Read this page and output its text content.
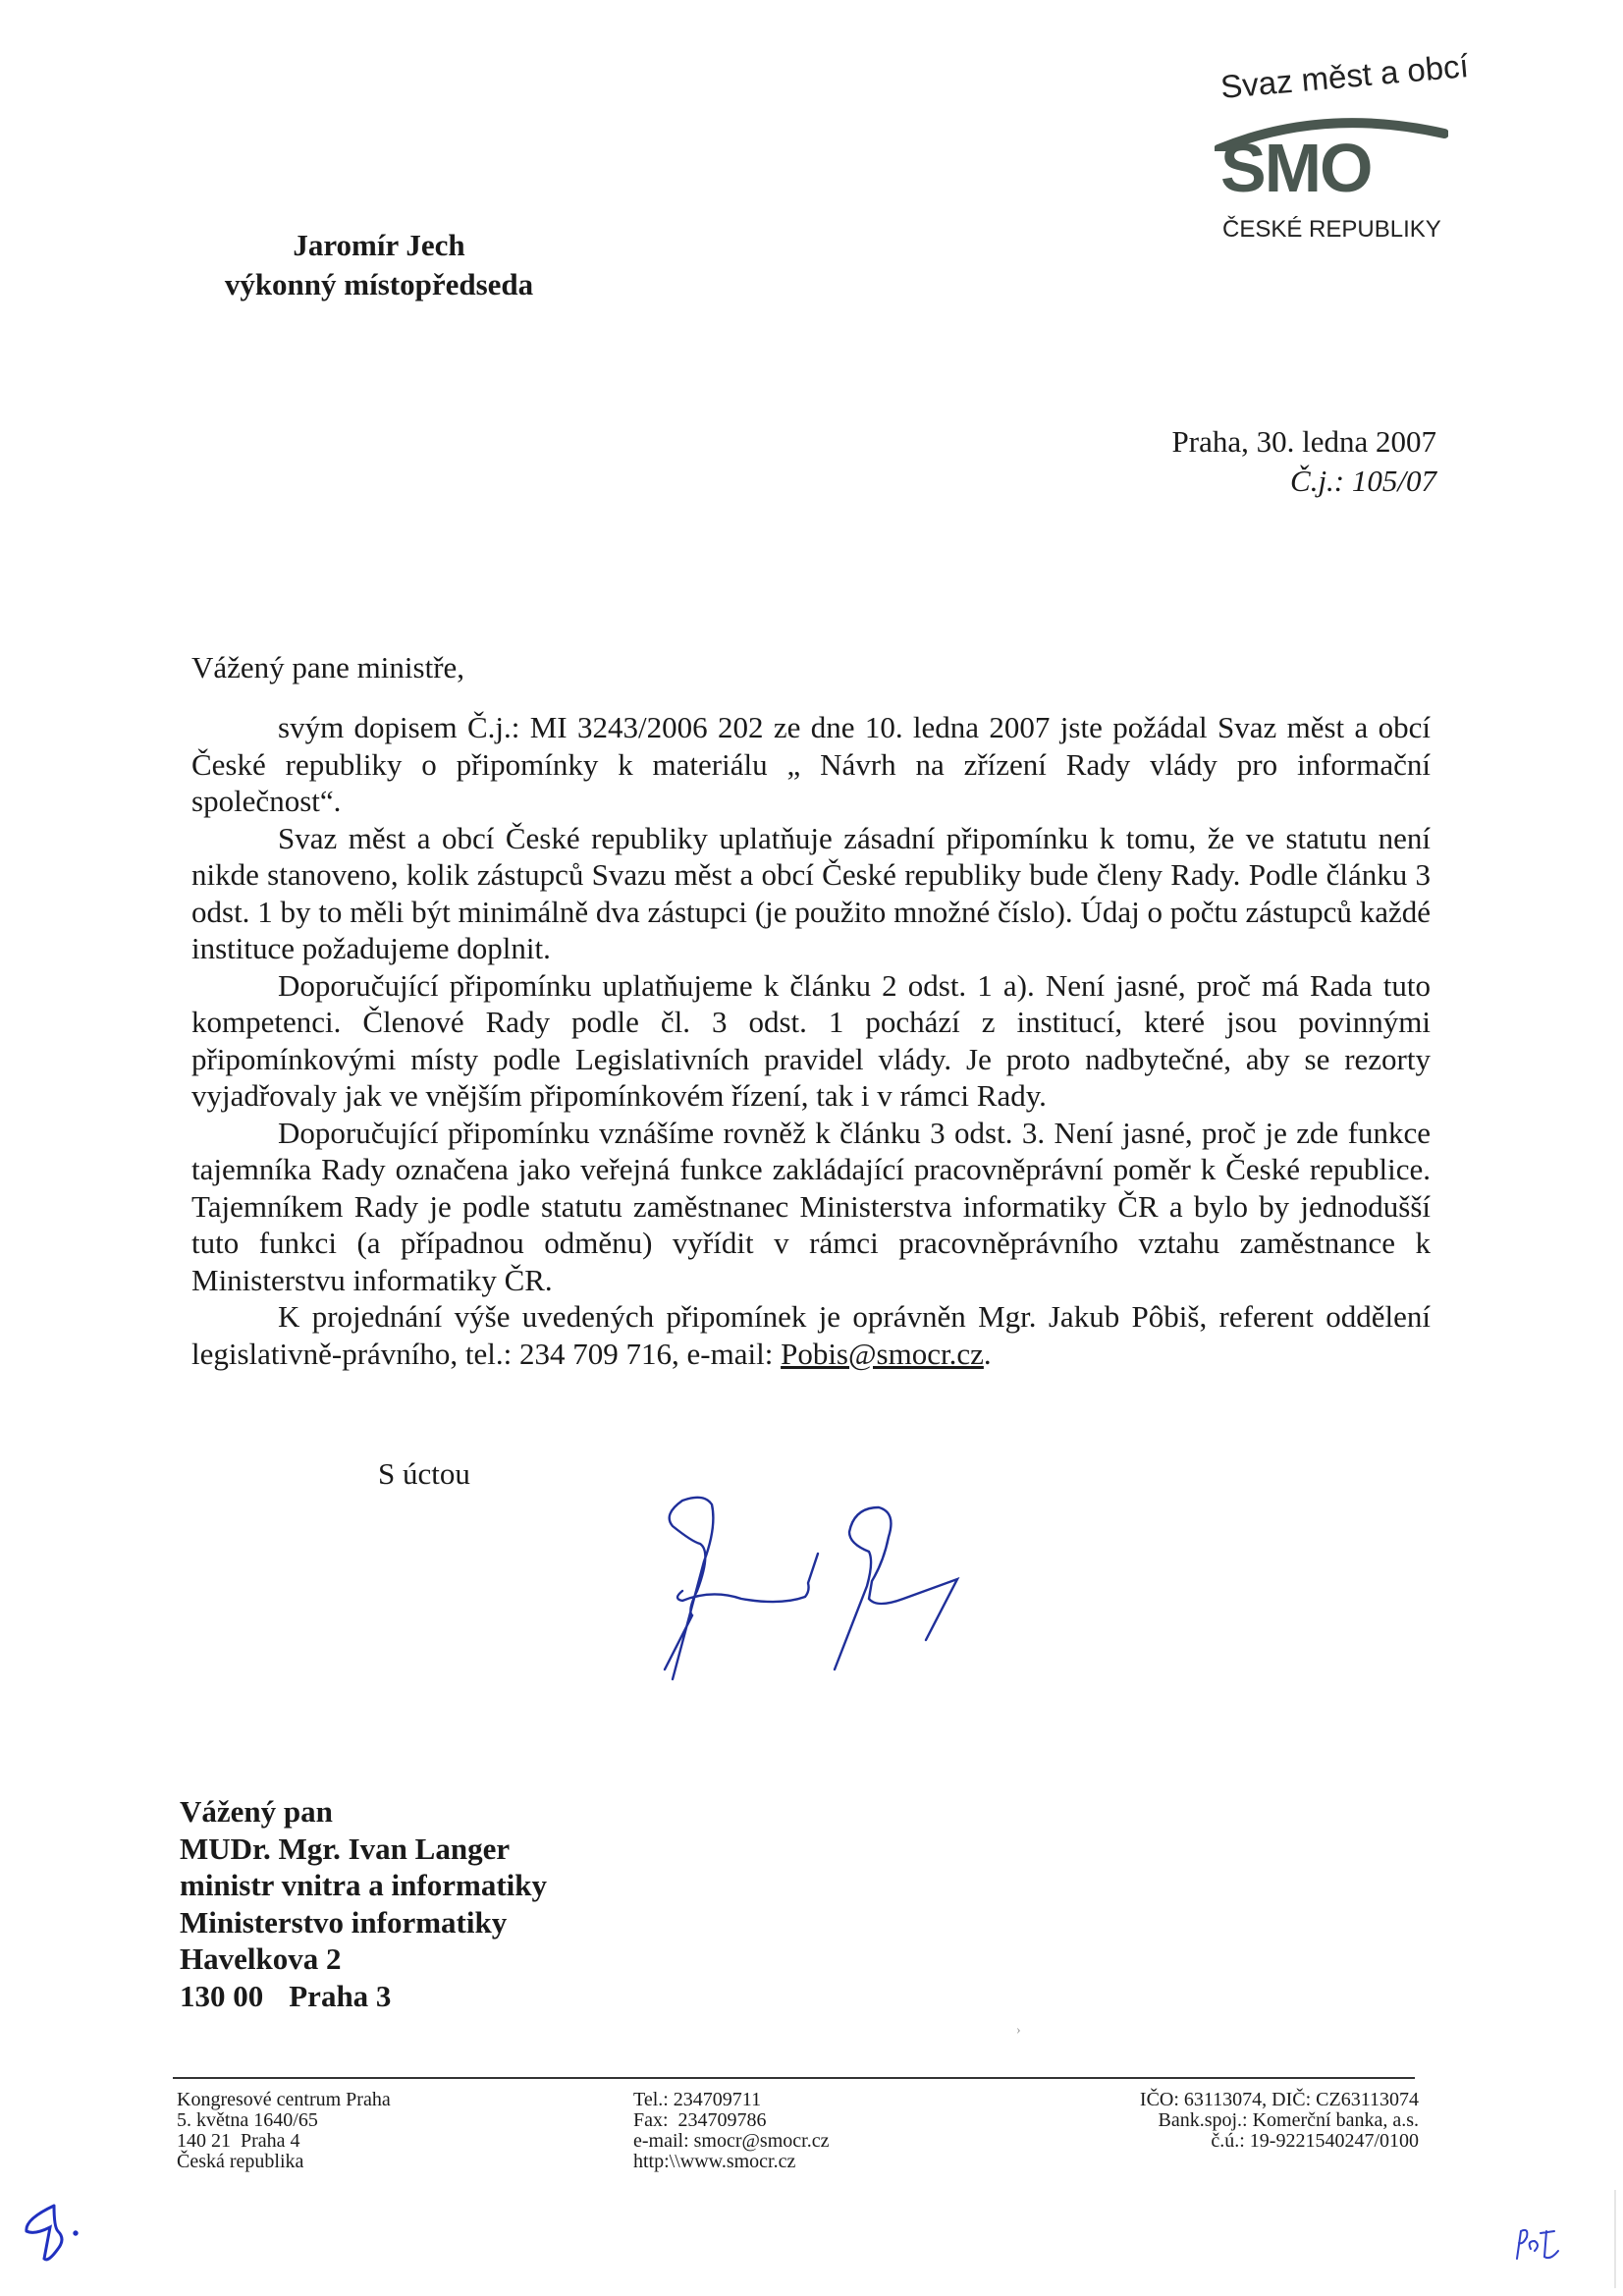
Svaz měst a obcí
SMO
ČESKÉ REPUBLIKY
Jaromír Jech
výkonný místopředseda
Praha, 30. ledna 2007
Č.j.: 105/07
Vážený pane ministře,

svým dopisem Č.j.: MI 3243/2006 202 ze dne 10. ledna 2007 jste požádal Svaz měst a obcí České republiky o připomínky k materiálu „ Návrh na zřízení Rady vlády pro informační společnost“.

Svaz měst a obcí České republiky uplatňuje zásadní připomínku k tomu, že ve statutu není nikde stanoveno, kolik zástupců Svazu měst a obcí České republiky bude členy Rady. Podle článku 3 odst. 1 by to měli být minimálně dva zástupci (je použito množné číslo). Údaj o počtu zástupců každé instituce požadujeme doplnit.

Doporučující připomínku uplatňujeme k článku 2 odst. 1 a). Není jasné, proč má Rada tuto kompetenci. Členové Rady podle čl. 3 odst. 1 pochází z institucí, které jsou povinnými připomínkovými místy podle Legislativních pravidel vlády. Je proto nadbytečné, aby se rezorty vyjadřovaly jak ve vnějším připomínkovém řízení, tak i v rámci Rady.

Doporučující připomínku vznášíme rovněž k článku 3 odst. 3. Není jasné, proč je zde funkce tajemníka Rady označena jako veřejná funkce zakládající pracovněprávní poměr k České republice. Tajemníkem Rady je podle statutu zaměstnanec Ministerstva informatiky ČR a bylo by jednodušší tuto funkci (a případnou odměnu) vyřídit v rámci pracovněprávního vztahu zaměstnance k Ministerstvu informatiky ČR.

K projednání výše uvedených připomínek je oprávněn Mgr. Jakub Pôbiš, referent oddělení legislativně-právního, tel.: 234 709 716, e-mail: Pobis@smocr.cz.

S úctou
Vážený pan
MUDr. Mgr. Ivan Langer
ministr vnitra a informatiky
Ministerstvo informatiky
Havelkova 2
130 00 Praha 3
›
Kongresové centrum Praha
5. května 1640/65
140 21  Praha 4
Česká republika
Tel.: 234709711
Fax:  234709786
e-mail: smocr@smocr.cz
http:\\www.smocr.cz
IČO: 63113074, DIČ: CZ63113074
Bank.spoj.: Komerční banka, a.s.
č.ú.: 19-9221540247/0100
